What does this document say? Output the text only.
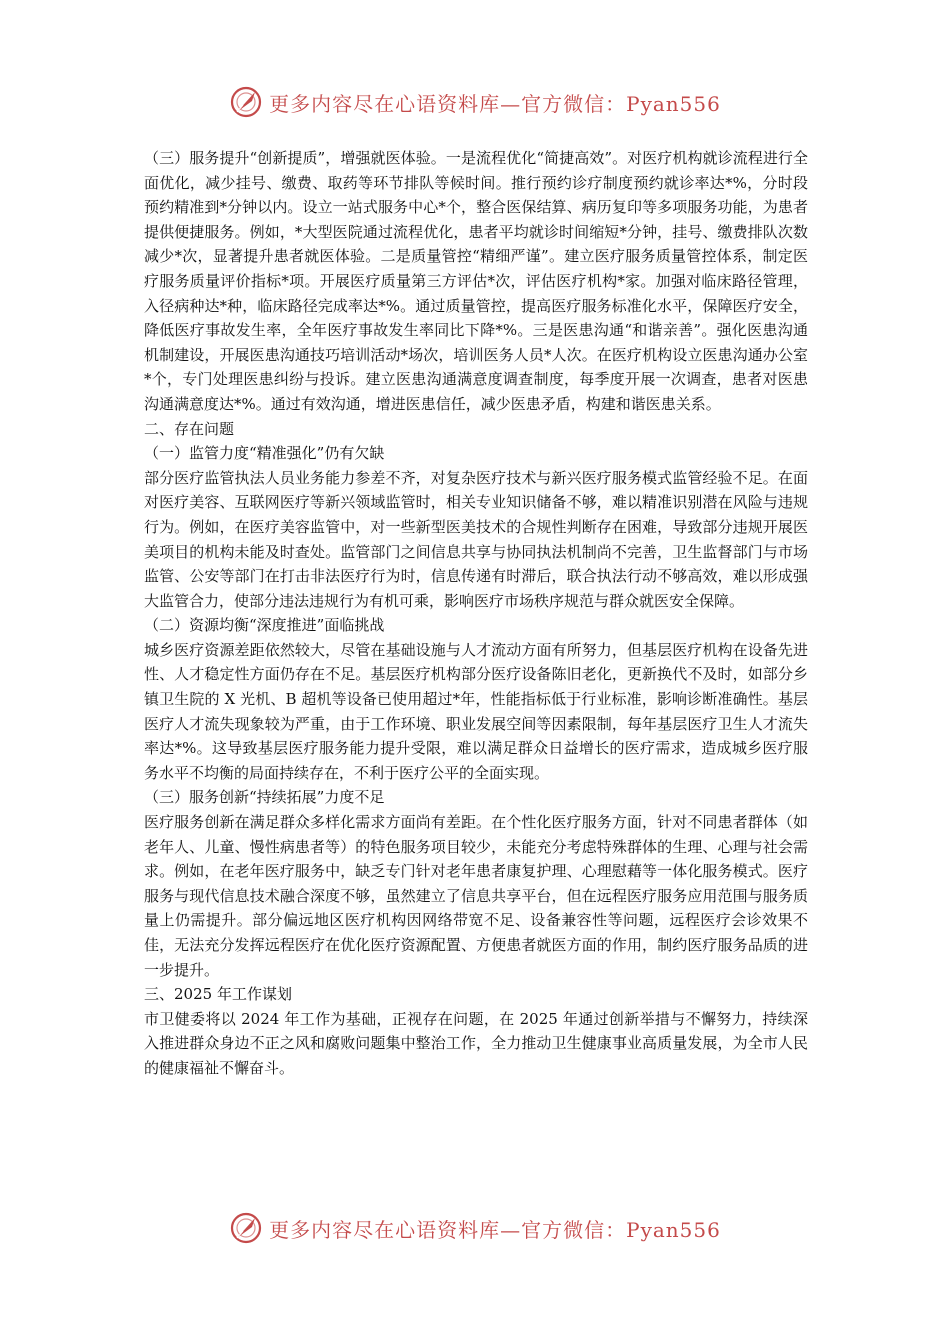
更多内容尽在心语资料库—官方微信：Pyan556

（三）服务提升“创新提质”，增强就医体验。一是流程优化“简捷高效”。对医疗机构就诊流程进行全面优化，减少挂号、缴费、取药等环节排队等候时间。推行预约诊疗制度预约就诊率达*%，分时段预约精准到*分钟以内。设立一站式服务中心*个，整合医保结算、病历复印等多项服务功能，为患者提供便捷服务。例如，*大型医院通过流程优化，患者平均就诊时间缩短*分钟，挂号、缴费排队次数减少*次，显著提升患者就医体验。二是质量管控“精细严谨”。建立医疗服务质量管控体系，制定医疗服务质量评价指标*项。开展医疗质量第三方评估*次，评估医疗机构*家。加强对临床路径管理，入径病种达*种，临床路径完成率达*%。通过质量管控，提高医疗服务标准化水平，保障医疗安全，降低医疗事故发生率，全年医疗事故发生率同比下降*%。三是医患沟通“和谐亲善”。强化医患沟通机制建设，开展医患沟通技巧培训活动*场次，培训医务人员*人次。在医疗机构设立医患沟通办公室*个，专门处理医患纠纷与投诉。建立医患沟通满意度调查制度，每季度开展一次调查，患者对医患沟通满意度达*%。通过有效沟通，增进医患信任，减少医患矛盾，构建和谐医患关系。

二、存在问题

（一）监管力度“精准强化”仍有欠缺

部分医疗监管执法人员业务能力参差不齐，对复杂医疗技术与新兴医疗服务模式监管经验不足。在面对医疗美容、互联网医疗等新兴领域监管时，相关专业知识储备不够，难以精准识别潜在风险与违规行为。例如，在医疗美容监管中，对一些新型医美技术的合规性判断存在困难，导致部分违规开展医美项目的机构未能及时查处。监管部门之间信息共享与协同执法机制尚不完善，卫生监督部门与市场监管、公安等部门在打击非法医疗行为时，信息传递有时滞后，联合执法行动不够高效，难以形成强大监管合力，使部分违法违规行为有机可乘，影响医疗市场秩序规范与群众就医安全保障。

（二）资源均衡“深度推进”面临挑战

城乡医疗资源差距依然较大，尽管在基础设施与人才流动方面有所努力，但基层医疗机构在设备先进性、人才稳定性方面仍存在不足。基层医疗机构部分医疗设备陈旧老化，更新换代不及时，如部分乡镇卫生院的 X 光机、B 超机等设备已使用超过*年，性能指标低于行业标准，影响诊断准确性。基层医疗人才流失现象较为严重，由于工作环境、职业发展空间等因素限制，每年基层医疗卫生人才流失率达*%。这导致基层医疗服务能力提升受限，难以满足群众日益增长的医疗需求，造成城乡医疗服务水平不均衡的局面持续存在，不利于医疗公平的全面实现。

（三）服务创新“持续拓展”力度不足

医疗服务创新在满足群众多样化需求方面尚有差距。在个性化医疗服务方面，针对不同患者群体（如老年人、儿童、慢性病患者等）的特色服务项目较少，未能充分考虑特殊群体的生理、心理与社会需求。例如，在老年医疗服务中，缺乏专门针对老年患者康复护理、心理慰藉等一体化服务模式。医疗服务与现代信息技术融合深度不够，虽然建立了信息共享平台，但在远程医疗服务应用范围与服务质量上仍需提升。部分偏远地区医疗机构因网络带宽不足、设备兼容性等问题，远程医疗会诊效果不佳，无法充分发挥远程医疗在优化医疗资源配置、方便患者就医方面的作用，制约医疗服务品质的进一步提升。

三、2025 年工作谋划

市卫健委将以 2024 年工作为基础，正视存在问题，在 2025 年通过创新举措与不懈努力，持续深入推进群众身边不正之风和腐败问题集中整治工作，全力推动卫生健康事业高质量发展，为全市人民的健康福祉不懈奋斗。

更多内容尽在心语资料库—官方微信：Pyan556
